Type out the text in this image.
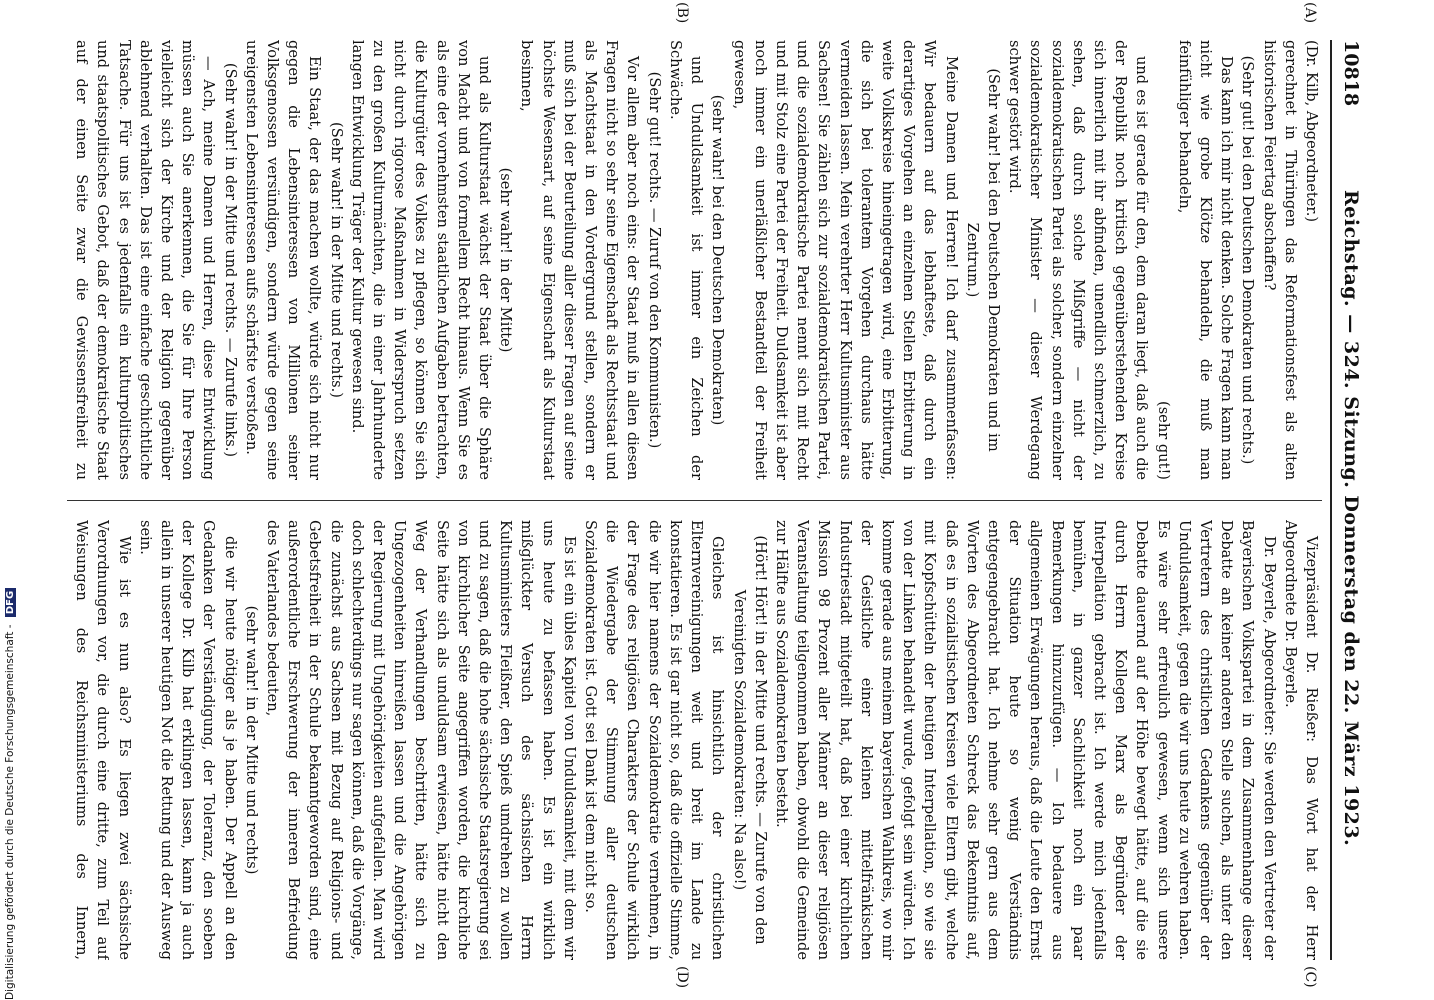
10818
Reichstag. — 324. Sitzung. Donnerstag den 22. März 1923.
(A)
(B)
(C)
(D)

(Dr. Kilb, Abgeordneter.)

gerechnet in Thüringen das Reformationsfest als alten historischen Feiertag abschaffen?

(Sehr gut! bei den Deutschen Demokraten und rechts.)

Das kann ich mir nicht denken. Solche Fragen kann man nicht wie grobe Klötze behandeln, die muß man feinfühliger behandeln,

(sehr gut!)

und es ist gerade für den, dem daran liegt, daß auch die der Republik noch kritisch gegenüberstehenden Kreise sich innerlich mit ihr abfinden, unendlich schmerzlich, zu sehen, daß durch solche Mißgriffe — nicht der sozialdemokratischen Partei als solcher, sondern einzelner sozialdemokratischer Minister — dieser Werdegang schwer gestört wird.

(Sehr wahr! bei den Deutschen Demokraten und im Zentrum.)

Meine Damen und Herren! Ich darf zusammenfassen: Wir bedauern auf das lebhafteste, daß durch ein derartiges Vorgehen an einzelnen Stellen Erbitterung in weite Volkskreise hineingetragen wird, eine Erbitterung, die sich bei tolerantem Vorgehen durchaus hätte vermeiden lassen. Mein verehrter Herr Kultusminister aus Sachsen! Sie zählen sich zur sozialdemokratischen Partei, und die sozialdemokratische Partei nennt sich mit Recht und mit Stolz eine Partei der Freiheit. Duldsamkeit ist aber noch immer ein unerläßlicher Bestandteil der Freiheit gewesen,

(sehr wahr! bei den Deutschen Demokraten)

und Unduldsamkeit ist immer ein Zeichen der Schwäche.

(Sehr gut! rechts. — Zuruf von den Kommunisten.)

Vor allem aber noch eins: der Staat muß in allen diesen Fragen nicht so sehr seine Eigenschaft als Rechtsstaat und als Machtstaat in den Vordergrund stellen, sondern er muß sich bei der Beurteilung aller dieser Fragen auf seine höchste Wesensart, auf seine Eigenschaft als Kulturstaat besinnen,

(sehr wahr! in der Mitte)

und als Kulturstaat wächst der Staat über die Sphäre von Macht und von formellem Recht hinaus. Wenn Sie es als eine der vornehmsten staatlichen Aufgaben betrachten, die Kulturgüter des Volkes zu pflegen, so können Sie sich nicht durch rigorose Maßnahmen in Widerspruch setzen zu den großen Kulturmächten, die in einer Jahrhunderte langen Entwicklung Träger der Kultur gewesen sind.

(Sehr wahr! in der Mitte und rechts.)

Ein Staat, der das machen wollte, würde sich nicht nur gegen die Lebensinteressen von Millionen seiner Volksgenossen versündigen, sondern würde gegen seine ureigensten Lebensinteressen aufs schärfste verstoßen.

(Sehr wahr! in der Mitte und rechts. — Zurufe links.)

— Ach, meine Damen und Herren, diese Entwicklung müssen auch Sie anerkennen, die Sie für Ihre Person vielleicht sich der Kirche und der Religion gegenüber ablehnend verhalten. Das ist eine einfache geschichtliche Tatsache. Für uns ist es jedenfalls ein kulturpolitisches und staatspolitisches Gebot, daß der demokratische Staat auf der einen Seite zwar die Gewissensfreiheit zu

Vizepräsident Dr. Rießer: Das Wort hat der Herr Abgeordnete Dr. Beyerle.

Dr. Beyerle, Abgeordneter: Sie werden den Vertreter der Bayerischen Volkspartei in dem Zusammenhange dieser Debatte an keiner anderen Stelle suchen, als unter den Vertretern des christlichen Gedankens gegenüber der Unduldsamkeit, gegen die wir uns heute zu wehren haben. Es wäre sehr erfreulich gewesen, wenn sich unsere Debatte dauernd auf der Höhe bewegt hätte, auf die sie durch Herrn Kollegen Marx als Begründer der Interpellation gebracht ist. Ich werde mich jedenfalls bemühen, in ganzer Sachlichkeit noch ein paar Bemerkungen hinzuzufügen. — Ich bedauere aus allgemeinen Erwägungen heraus, daß die Leute den Ernst der Situation heute so wenig Verständnis entgegengebracht hat. Ich nehme sehr gern aus dem Worten des Abgeordneten Schreck das Bekenntnis auf, daß es in sozialistischen Kreisen viele Eltern gibt, welche mit Kopfschütteln der heutigen Interpellation, so wie sie von der Linken behandelt wurde, gefolgt sein würden. Ich komme gerade aus meinem bayerischen Wahlkreis, wo mir der Geistliche einer kleinen mittelfränkischen Industriestadt mitgeteilt hat, daß bei einer kirchlichen Mission 98 Prozent aller Männer an dieser religiösen Veranstaltung teilgenommen haben, obwohl die Gemeinde zur Hälfte aus Sozialdemokraten besteht.

(Hört! Hört! in der Mitte und rechts. — Zurufe von den Vereinigten Sozialdemokraten: Na also!)

Gleiches ist hinsichtlich der christlichen Elternvereinigungen weit und breit im Lande zu konstatieren. Es ist gar nicht so, daß die offizielle Stimme, die wir hier namens der Sozialdemokratie vernehmen, in der Frage des religiösen Charakters der Schule wirklich die Wiedergabe der Stimmung aller deutschen Sozialdemokraten ist. Gott sei Dank ist dem nicht so.

Es ist ein übles Kapitel von Unduldsamkeit, mit dem wir uns heute zu befassen haben. Es ist ein wirklich mißglückter Versuch des sächsischen Herrn Kultusministers Fleißner, den Spieß umdrehen zu wollen und zu sagen, daß die hohe sächsische Staatsregierung sei von kirchlicher Seite angegriffen worden, die kirchliche Seite hätte sich als unduldsam erwiesen, hätte nicht den Weg der Verhandlungen beschritten, hätte sich zu Ungezogenheiten hinreißen lassen und die Angehörigen der Regierung mit Ungehörigkeiten aufgefallen. Man wird doch schlechterdings nur sagen können, daß die Vorgänge, die zunächst aus Sachsen mit Bezug auf Religions- und Gebetsfreiheit in der Schule bekanntgeworden sind, eine außerordentliche Erschwerung der inneren Befriedung des Vaterlandes bedeuten,

(sehr wahr! in der Mitte und rechts)

die wir heute nötiger als je haben. Der Appell an den Gedanken der Verständigung, der Toleranz, den soeben der Kollege Dr. Kilb hat erklingen lassen, kann ja auch allein in unserer heutigen Not die Rettung und der Ausweg sein.

Wie ist es nun also? Es liegen zwei sächsische Verordnungen vor, die durch eine dritte, zum Teil auf Weisungen des Reichsministeriums des Innern,

Digitalisierung gefördert durch die Deutsche Forschungsgemeinschaft - DFG
